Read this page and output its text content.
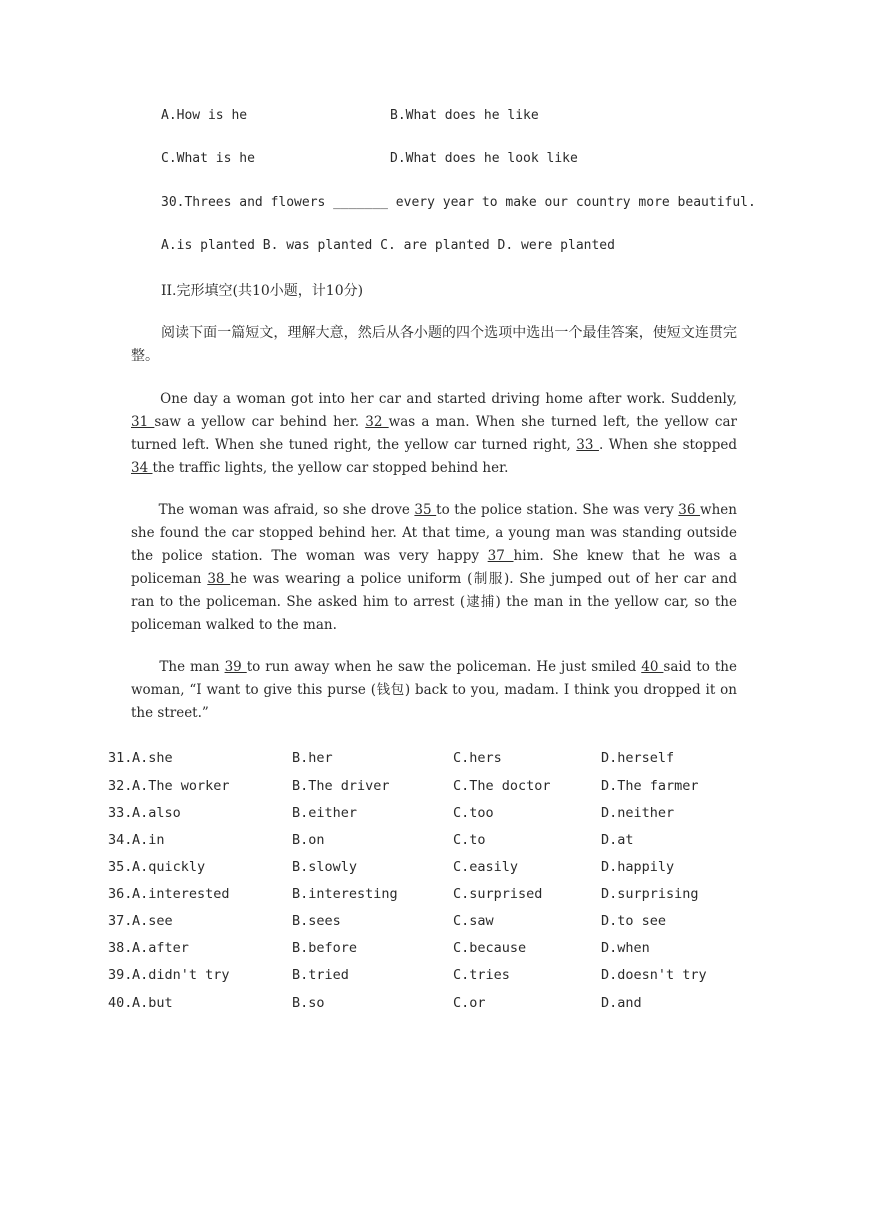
A.How is he	B.What does he like
C.What is he	D.What does he look like
30.Threes and flowers _______ every year to make our country more beautiful.
A.is planted B. was planted C. are planted D. were planted
II.完形填空(共10小题，计10分)
阅读下面一篇短文，理解大意，然后从各小题的四个选项中选出一个最佳答案，使短文连贯完整。
　　One day a woman got into her car and started driving home after work. Suddenly, 31 saw a yellow car behind her. 32 was a man. When she turned left, the yellow car turned left. When she tuned right, the yellow car turned right, 33 . When she stopped 34 the traffic lights, the yellow car stopped behind her.
　　The woman was afraid, so she drove 35 to the police station. She was very 36 when she found the car stopped behind her. At that time, a young man was standing outside the police station. The woman was very happy 37 him. She knew that he was a policeman 38 he was wearing a police uniform (制服). She jumped out of her car and ran to the policeman. She asked him to arrest (逮捕) the man in the yellow car, so the policeman walked to the man.
　　The man 39 to run away when he saw the policeman. He just smiled 40 said to the woman, “I want to give this purse (钱包) back to you, madam. I think you dropped it on the street.”
31. A.she	B.her	C.hers	D.herself
32. A.The worker	B.The driver	C.The doctor	D.The farmer
33. A.also	B.either	C.too	D.neither
34. A.in	B.on	C.to	D.at
35. A.quickly	B.slowly	C.easily	D.happily
36. A.interested	B.interesting	C.surprised	D.surprising
37. A.see	B.sees	C.saw	D.to see
38. A.after	B.before	C.because	D.when
39. A.didn't try	B.tried	C.tries	D.doesn't try
40. A.but	B.so	C.or	D.and
